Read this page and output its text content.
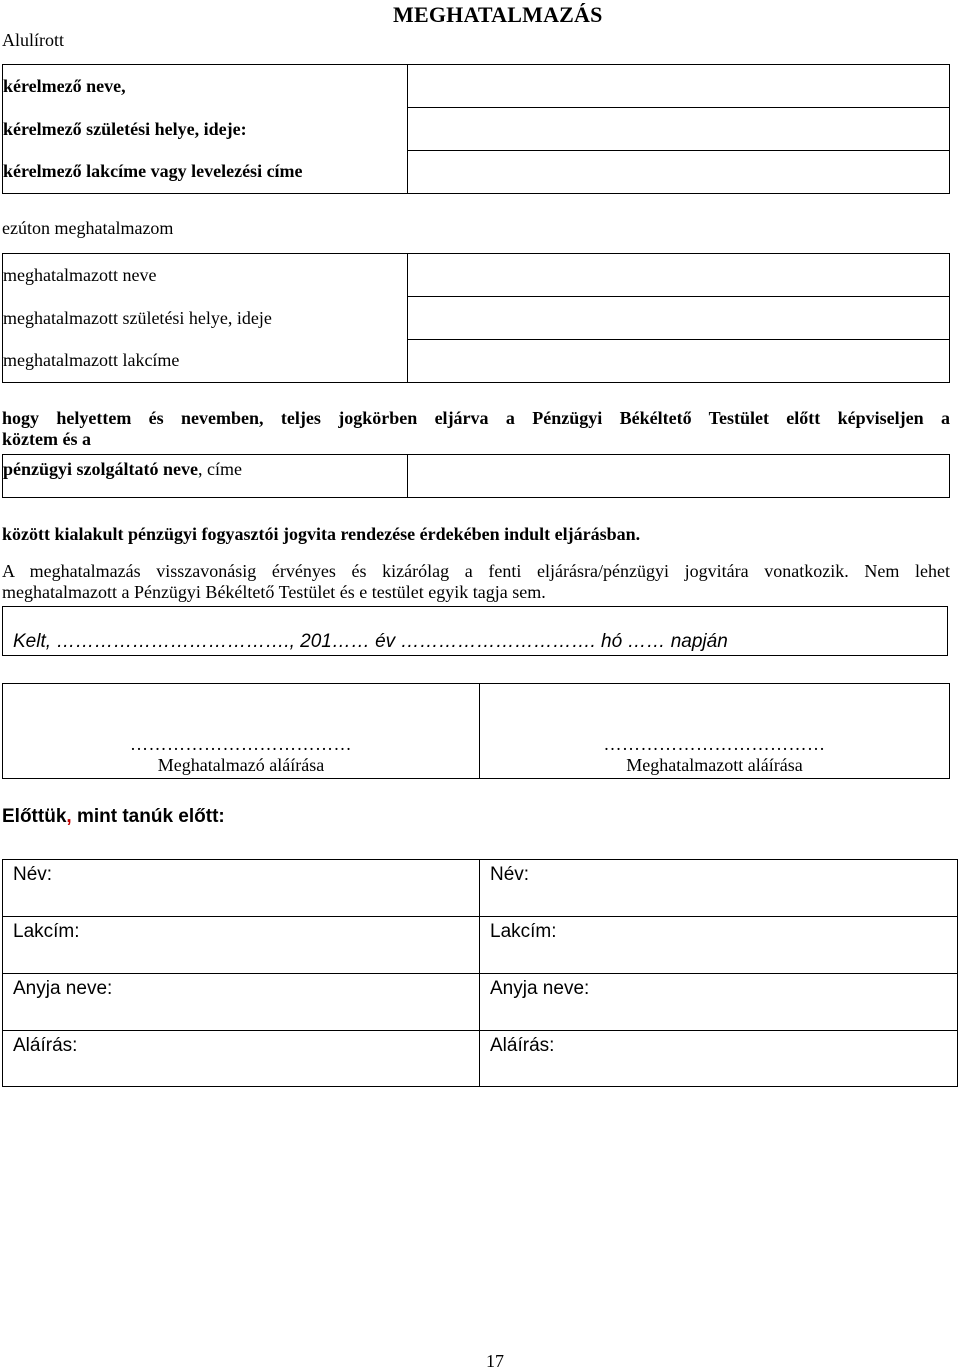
MEGHATALMAZÁS
Alulírott
kérelmező neve,	
kérelmező születési helye, ideje:	
kérelmező lakcíme vagy levelezési címe	
ezúton meghatalmazom
meghatalmazott neve	
meghatalmazott születési helye, ideje	
meghatalmazott lakcíme	
hogy helyettem és nevemben, teljes jogkörben eljárva a Pénzügyi Békéltető Testület előtt képviseljen a
köztem és a
pénzügyi szolgáltató neve, címe	
között kialakult pénzügyi fogyasztói jogvita rendezése érdekében indult eljárásban.
A meghatalmazás visszavonásig érvényes és kizárólag a fenti eljárásra/pénzügyi jogvitára vonatkozik. Nem lehet
meghatalmazott a Pénzügyi Békéltető Testület és e testület egyik tagja sem.
Kelt, ………………………………., 201…… év …………………………. hó …… napján
………………………………
Meghatalmazó aláírása	
………………………………
Meghatalmazott aláírása
Előttük, mint tanúk előtt:
Név:	Név:
Lakcím:	Lakcím:
Anyja neve:	Anyja neve:
Aláírás:	Aláírás:
17
